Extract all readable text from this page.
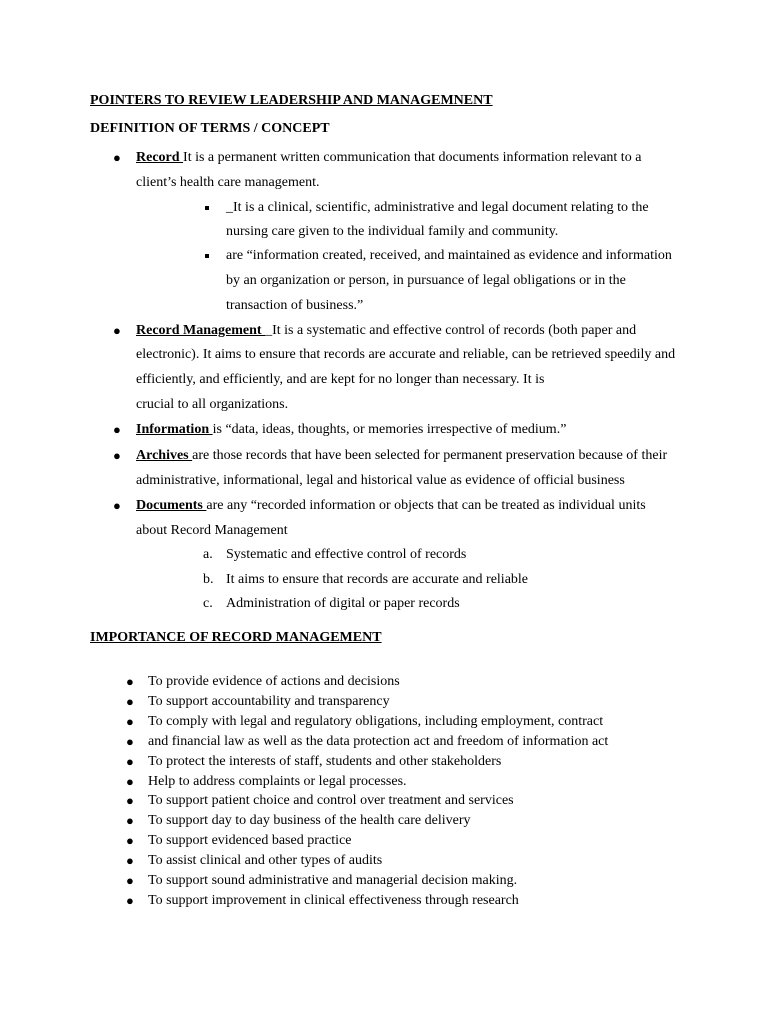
POINTERS TO REVIEW LEADERSHIP AND MANAGEMNENT
DEFINITION OF TERMS / CONCEPT
● Record It is a permanent written communication that documents information relevant to a
client’s health care management.
_It is a clinical, scientific, administrative and legal document relating to the
nursing care given to the individual family and community.
are “information created, received, and maintained as evidence and information
by an organization or person, in pursuance of legal obligations or in the
transaction of business.”
● Record Management _It is a systematic and effective control of records (both paper and
electronic). It aims to ensure that records are accurate and reliable, can be retrieved speedily and
efficiently, and efficiently, and are kept for no longer than necessary. It is
crucial to all organizations.
● Information is “data, ideas, thoughts, or memories irrespective of medium.”
● Archives are those records that have been selected for permanent preservation because of their
administrative, informational, legal and historical value as evidence of official business
● Documents are any “recorded information or objects that can be treated as individual units
about Record Management
a. Systematic and effective control of records
b. It aims to ensure that records are accurate and reliable
c. Administration of digital or paper records
IMPORTANCE OF RECORD MANAGEMENT
● To provide evidence of actions and decisions
● To support accountability and transparency
● To comply with legal and regulatory obligations, including employment, contract
● and financial law as well as the data protection act and freedom of information act
● To protect the interests of staff, students and other stakeholders
● Help to address complaints or legal processes.
● To support patient choice and control over treatment and services
● To support day to day business of the health care delivery
● To support evidenced based practice
● To assist clinical and other types of audits
● To support sound administrative and managerial decision making.
● To support improvement in clinical effectiveness through research
